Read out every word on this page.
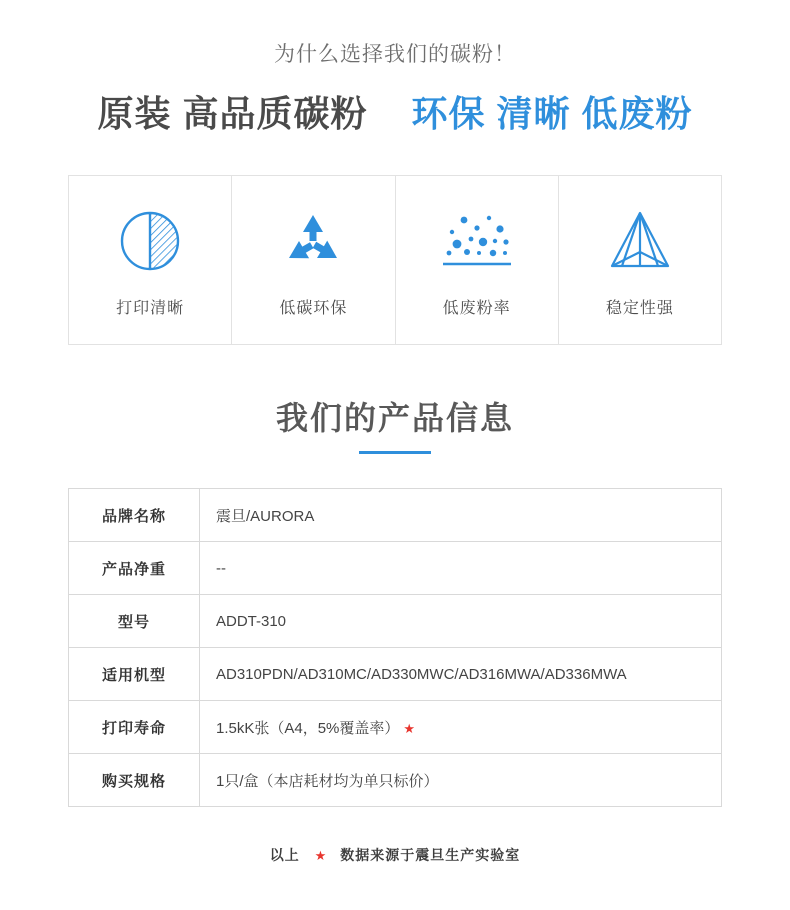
为什么选择我们的碳粉！

原装 高品质碳粉 环保 清晰 低废粉
打印清晰	低碳环保	低废粉率	稳定性强
我们的产品信息
品牌名称	震旦/AURORA
产品净重	--
型号	ADDT-310
适用机型	AD310PDN/AD310MC/AD330MWC/AD316MWA/AD336MWA
打印寿命	1.5kK张（A4，5%覆盖率） ★
购买规格	1只/盒（本店耗材均为单只标价）
以上 ★ 数据来源于震旦生产实验室
